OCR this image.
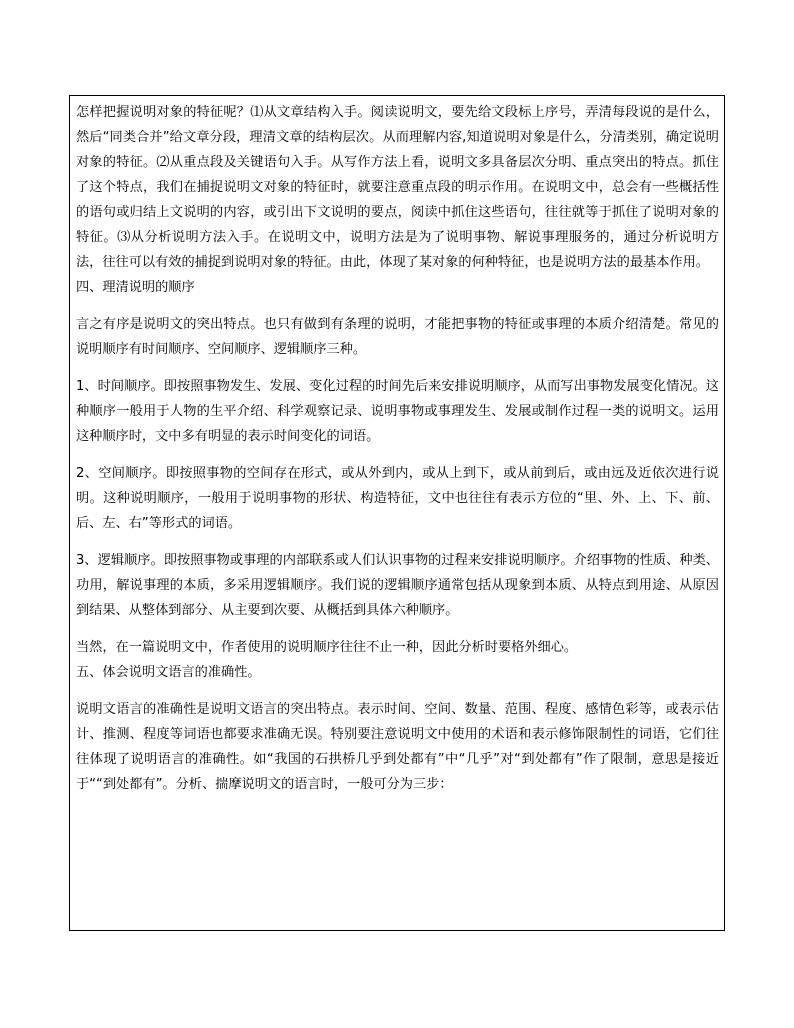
怎样把握说明对象的特征呢？⑴从文章结构入手。阅读说明文，要先给文段标上序号，弄清每段说的是什么，然后“同类合并”给文章分段，理清文章的结构层次。从而理解内容,知道说明对象是什么，分清类别，确定说明对象的特征。⑵从重点段及关键语句入手。从写作方法上看，说明文多具备层次分明、重点突出的特点。抓住了这个特点，我们在捕捉说明文对象的特征时，就要注意重点段的明示作用。在说明文中，总会有一些概括性的语句或归结上文说明的内容，或引出下文说明的要点，阅读中抓住这些语句，往往就等于抓住了说明对象的特征。⑶从分析说明方法入手。在说明文中，说明方法是为了说明事物、解说事理服务的，通过分析说明方法，往往可以有效的捕捉到说明对象的特征。由此，体现了某对象的何种特征，也是说明方法的最基本作用。

四、理清说明的顺序

言之有序是说明文的突出特点。也只有做到有条理的说明，才能把事物的特征或事理的本质介绍清楚。常见的说明顺序有时间顺序、空间顺序、逻辑顺序三种。

1、时间顺序。即按照事物发生、发展、变化过程的时间先后来安排说明顺序，从而写出事物发展变化情况。这种顺序一般用于人物的生平介绍、科学观察记录、说明事物或事理发生、发展或制作过程一类的说明文。运用这种顺序时，文中多有明显的表示时间变化的词语。

2、空间顺序。即按照事物的空间存在形式，或从外到内，或从上到下，或从前到后，或由远及近依次进行说明。这种说明顺序，一般用于说明事物的形状、构造特征，文中也往往有表示方位的“里、外、上、下、前、后、左、右”等形式的词语。

3、逻辑顺序。即按照事物或事理的内部联系或人们认识事物的过程来安排说明顺序。介绍事物的性质、种类、功用，解说事理的本质，多采用逻辑顺序。我们说的逻辑顺序通常包括从现象到本质、从特点到用途、从原因到结果、从整体到部分、从主要到次要、从概括到具体六种顺序。

当然，在一篇说明文中，作者使用的说明顺序往往不止一种，因此分析时要格外细心。

五、体会说明文语言的准确性。

说明文语言的准确性是说明文语言的突出特点。表示时间、空间、数量、范围、程度、感情色彩等，或表示估计、推测、程度等词语也都要求准确无误。特别要注意说明文中使用的术语和表示修饰限制性的词语，它们往往体现了说明语言的准确性。如“我国的石拱桥几乎到处都有”中“几乎”对“到处都有”作了限制，意思是接近于““到处都有”。分析、揣摩说明文的语言时，一般可分为三步：
